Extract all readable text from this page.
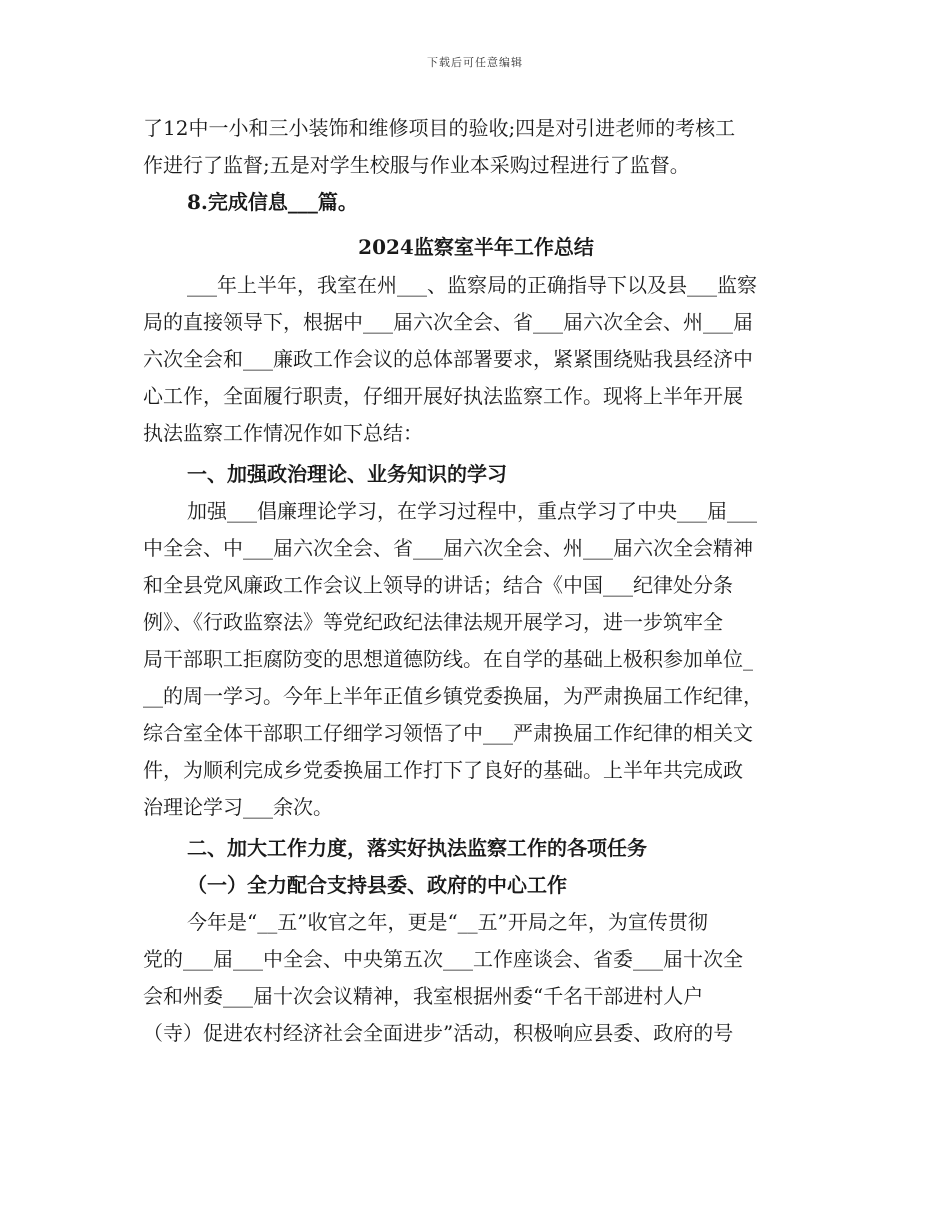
下载后可任意编辑
了12中一小和三小装饰和维修项目的验收;四是对引进老师的考核工
作进行了监督;五是对学生校服与作业本采购过程进行了监督。
8.完成信息___篇。
2024监察室半年工作总结
___年上半年，我室在州___、监察局的正确指导下以及县___监察
局的直接领导下，根据中___届六次全会、省___届六次全会、州___届
六次全会和___廉政工作会议的总体部署要求，紧紧围绕贴我县经济中
心工作，全面履行职责，仔细开展好执法监察工作。现将上半年开展
执法监察工作情况作如下总结：
一、加强政治理论、业务知识的学习
加强___倡廉理论学习，在学习过程中，重点学习了中央___届___
中全会、中___届六次全会、省___届六次全会、州___届六次全会精神
和全县党风廉政工作会议上领导的讲话；结合《中国___纪律处分条
例》、《行政监察法》等党纪政纪法律法规开展学习，进一步筑牢全
局干部职工拒腐防变的思想道德防线。在自学的基础上极积参加单位_
__的周一学习。今年上半年正值乡镇党委换届，为严肃换届工作纪律，
综合室全体干部职工仔细学习领悟了中___严肃换届工作纪律的相关文
件，为顺利完成乡党委换届工作打下了良好的基础。上半年共完成政
治理论学习___余次。
二、加大工作力度，落实好执法监察工作的各项任务
（一）全力配合支持县委、政府的中心工作
今年是“__五”收官之年，更是“__五”开局之年，为宣传贯彻
党的___届___中全会、中央第五次___工作座谈会、省委___届十次全
会和州委___届十次会议精神，我室根据州委“千名干部进村人户
（寺）促进农村经济社会全面进步”活动，积极响应县委、政府的号
